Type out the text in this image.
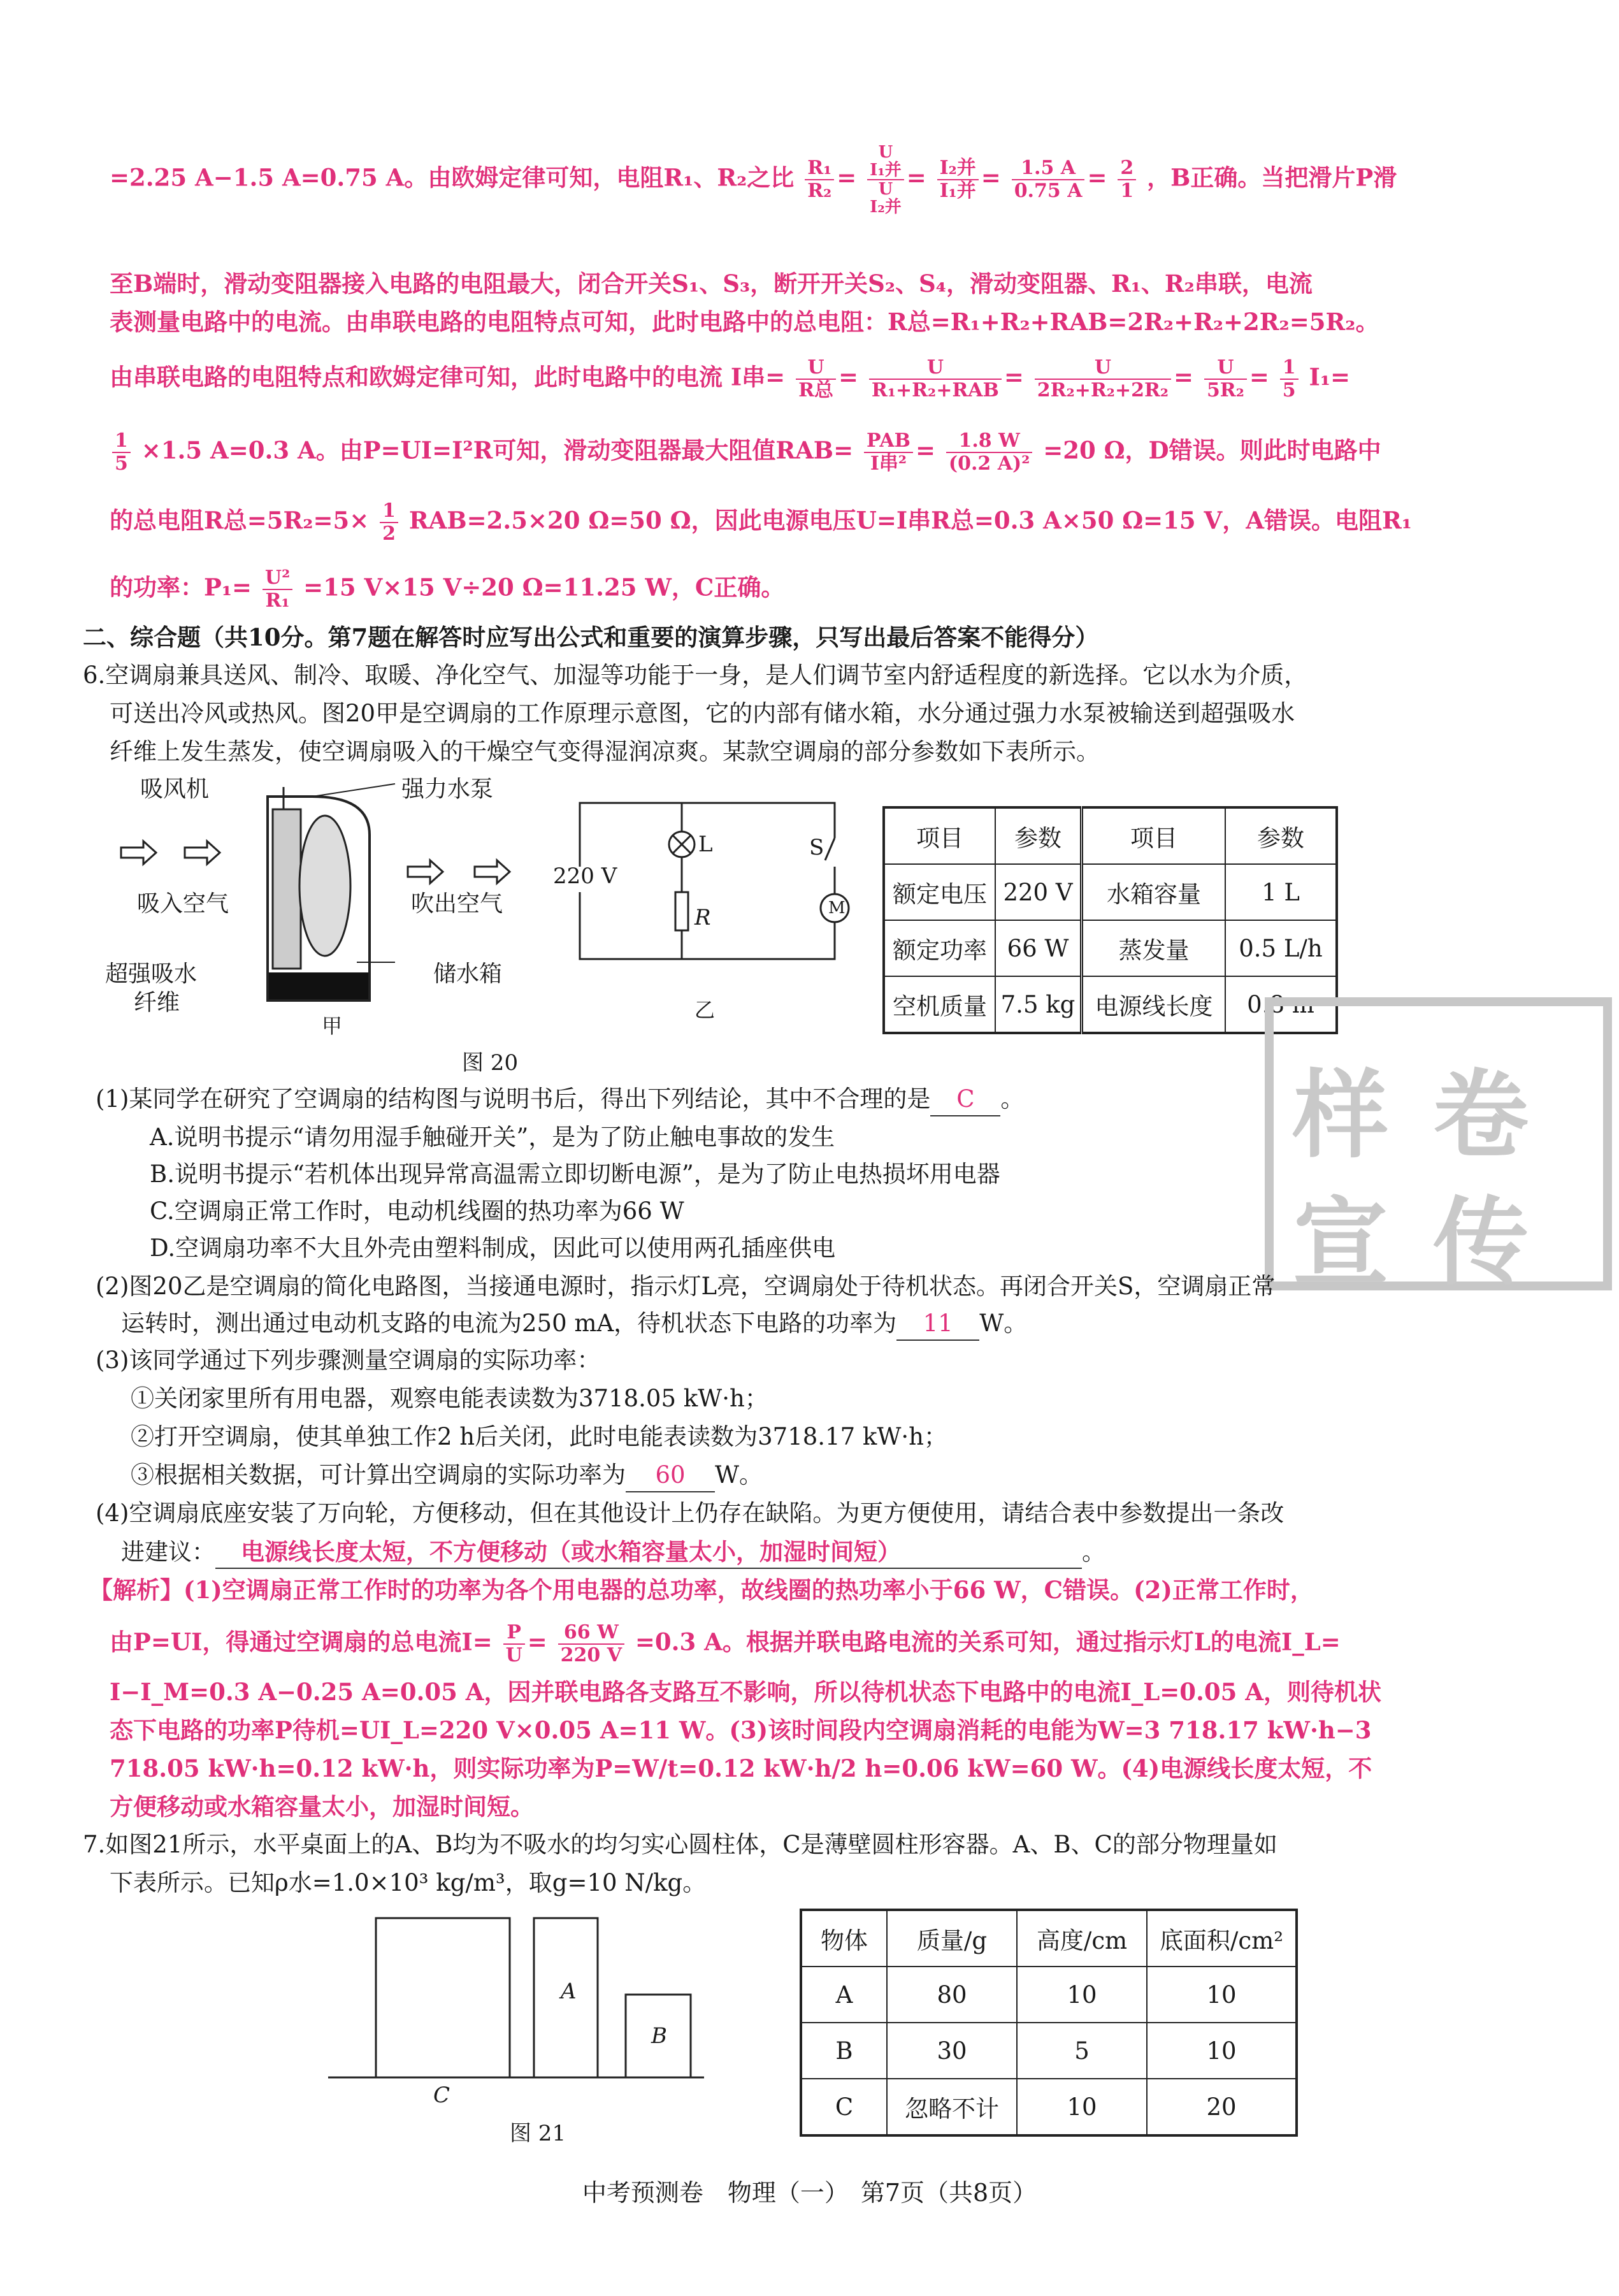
=2.25 A−1.5 A=0.75 A。由欧姆定律可知，电阻R₁、R₂之比 $\frac{\text{R₁}}{\text{R₂}}$ =
U
I₁并
U
I₂并
= $\frac{\text{I₂并}}{\text{I₁并}} = \frac{1.5 A}{0.75 A} = \frac{2}{1}$ ，B正确。当把滑片P滑
至B端时，滑动变阻器接入电路的电阻最大，闭合开关S₁、S₃，断开开关S₂、S₄，滑动变阻器、R₁、R₂串联，电流
表测量电路中的电流。由串联电路的电阻特点可知，此时电路中的总电阻：R总=R₁+R₂+RAB=2R₂+R₂+2R₂=5R₂。
由串联电路的电阻特点和欧姆定律可知，此时电路中的电流 I串= $\frac{U}{\text{R总}} = \frac{U}{\text{R₁+R₂+RAB}} = \frac{U}{\text{2R₂+R₂+2R₂}} = \frac{U}{\text{5R₂}} = \frac{1}{5} I_1=$
$\frac{1}{5} \times 1.5$ A=0.3 A。由P=UI=I²R可知，滑动变阻器最大阻值$RAB= \frac{\text{PAB}}{\text{I串²}} = \frac{1.8 W}{\text{(0.2 A)²}} =20$ Ω，D错误。则此时电路中
的总电阻R总$=5R_2=5\times \frac{1}{2} RAB=2.5\times 20$ Ω=50 Ω，因此电源电压U=I串R总=0.3 A×50 Ω=15 V，A错误。电阻R₁
的功率：$P_1= \frac{\text{U²}}{\text{R₁}} =15$ V×15 V÷20 Ω=11.25 W，C正确。
二、综合题（共10分。第7题在解答时应写出公式和重要的演算步骤，只写出最后答案不能得分）
6.空调扇兼具送风、制冷、取暖、净化空气、加湿等功能于一身，是人们调节室内舒适程度的新选择。它以水为介质，
可送出冷风或热风。图20甲是空调扇的工作原理示意图，它的内部有储水箱，水分通过强力水泵被输送到超强吸水
纤维上发生蒸发，使空调扇吸入的干燥空气变得湿润凉爽。某款空调扇的部分参数如下表所示。
吸风机	强力水泵
吸入空气	吹出空气
超强吸水
纤维
储水箱
甲
220 V
L
R
S
M
乙
图 20
项目	参数	项目	参数
额定电压	220 V	水箱容量	1 L
额定功率	66 W	蒸发量	0.5 L/h
空机质量	7.5 kg	电源线长度	0.8 m
样 卷
宣 传
(1)某同学在研究了空调扇的结构图与说明书后，得出下列结论，其中不合理的是 C 。
A.说明书提示“请勿用湿手触碰开关”，是为了防止触电事故的发生
B.说明书提示“若机体出现异常高温需立即切断电源”，是为了防止电热损坏用电器
C.空调扇正常工作时，电动机线圈的热功率为66 W
D.空调扇功率不大且外壳由塑料制成，因此可以使用两孔插座供电
(2)图20乙是空调扇的简化电路图，当接通电源时，指示灯L亮，空调扇处于待机状态。再闭合开关S，空调扇正常
运转时，测出通过电动机支路的电流为250 mA，待机状态下电路的功率为 11 W。
(3)该同学通过下列步骤测量空调扇的实际功率：
①关闭家里所有用电器，观察电能表读数为3718.05 kW·h；
②打开空调扇，使其单独工作2 h后关闭，此时电能表读数为3718.17 kW·h；
③根据相关数据，可计算出空调扇的实际功率为 60 W。
(4)空调扇底座安装了万向轮，方便移动，但在其他设计上仍存在缺陷。为更方便使用，请结合表中参数提出一条改
进建议： 电源线长度太短，不方便移动（或水箱容量太小，加湿时间短）	。
【解析】(1)空调扇正常工作时的功率为各个用电器的总功率，故线圈的热功率小于66 W，C错误。(2)正常工作时，
由P=UI，得通过空调扇的总电流$I= \frac{P}{U} = \frac{66 W}{220 V} =0.3$ A。根据并联电路电流的关系可知，通过指示灯L的电流I_L=
I−I_M=0.3 A−0.25 A=0.05 A，因并联电路各支路互不影响，所以待机状态下电路中的电流I_L=0.05 A，则待机状
态下电路的功率P待机=UI_L=220 V×0.05 A=11 W。(3)该时间段内空调扇消耗的电能为W=3 718.17 kW·h−3
718.05 kW·h=0.12 kW·h，则实际功率为P=W/t=0.12 kW·h/2 h=0.06 kW=60 W。(4)电源线长度太短，不
方便移动或水箱容量太小，加湿时间短。
7.如图21所示，水平桌面上的A、B均为不吸水的均匀实心圆柱体，C是薄壁圆柱形容器。A、B、C的部分物理量如
下表所示。已知ρ水=1.0×10³ kg/m³，取g=10 N/kg。
A
B
C
图 21
物体	质量/g	高度/cm	底面积/cm²
A	80	10	10
B	30	5	10
C	忽略不计	10	20
中考预测卷　物理（一）　第7页（共8页）
